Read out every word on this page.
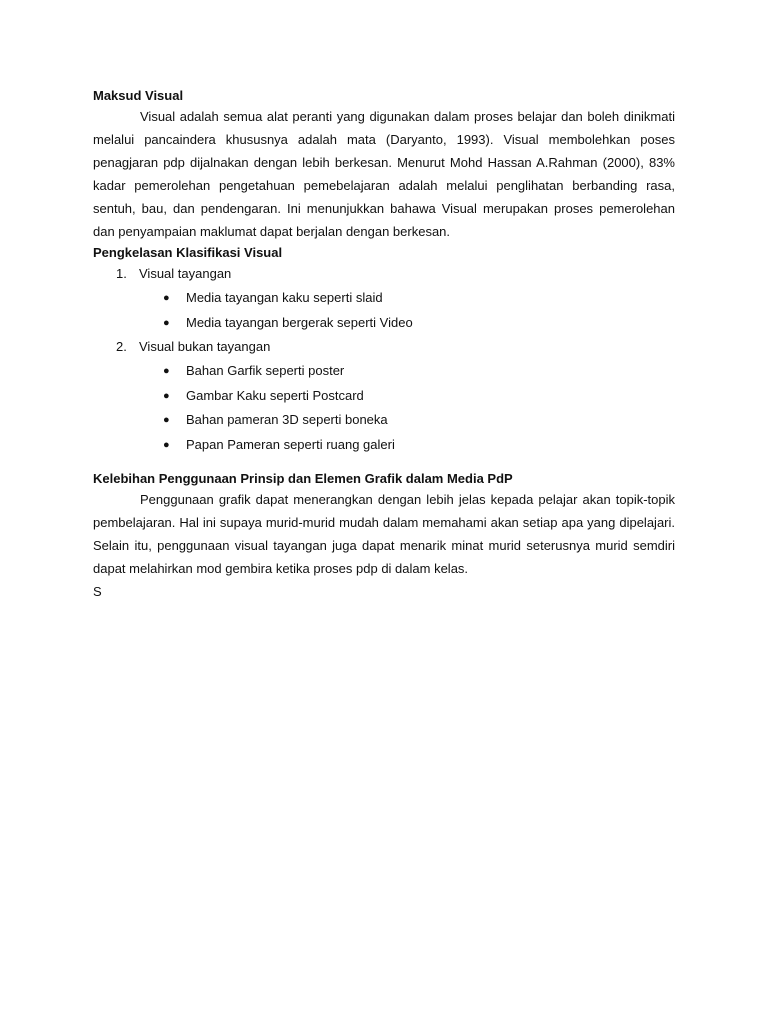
Maksud Visual

Visual adalah semua alat peranti yang digunakan dalam proses belajar dan boleh dinikmati melalui pancaindera khususnya adalah mata (Daryanto, 1993). Visual membolehkan poses penagjaran pdp dijalnakan dengan lebih berkesan. Menurut Mohd Hassan A.Rahman (2000), 83% kadar pemerolehan pengetahuan pemebelajaran adalah melalui penglihatan berbanding rasa, sentuh, bau, dan pendengaran. Ini menunjukkan bahawa Visual merupakan proses pemerolehan dan penyampaian maklumat dapat berjalan dengan berkesan.

Pengkelasan Klasifikasi Visual
1. Visual tayangan
● Media tayangan kaku seperti slaid
● Media tayangan bergerak seperti Video
2. Visual bukan tayangan
● Bahan Garfik seperti poster
● Gambar Kaku seperti Postcard
● Bahan pameran 3D seperti boneka
● Papan Pameran seperti ruang galeri
Kelebihan Penggunaan Prinsip dan Elemen Grafik dalam Media PdP

Penggunaan grafik dapat menerangkan dengan lebih jelas kepada pelajar akan topik-topik pembelajaran. Hal ini supaya murid-murid mudah dalam memahami akan setiap apa yang dipelajari. Selain itu, penggunaan visual tayangan juga dapat menarik minat murid seterusnya murid semdiri dapat melahirkan mod gembira ketika proses pdp di dalam kelas.

S
